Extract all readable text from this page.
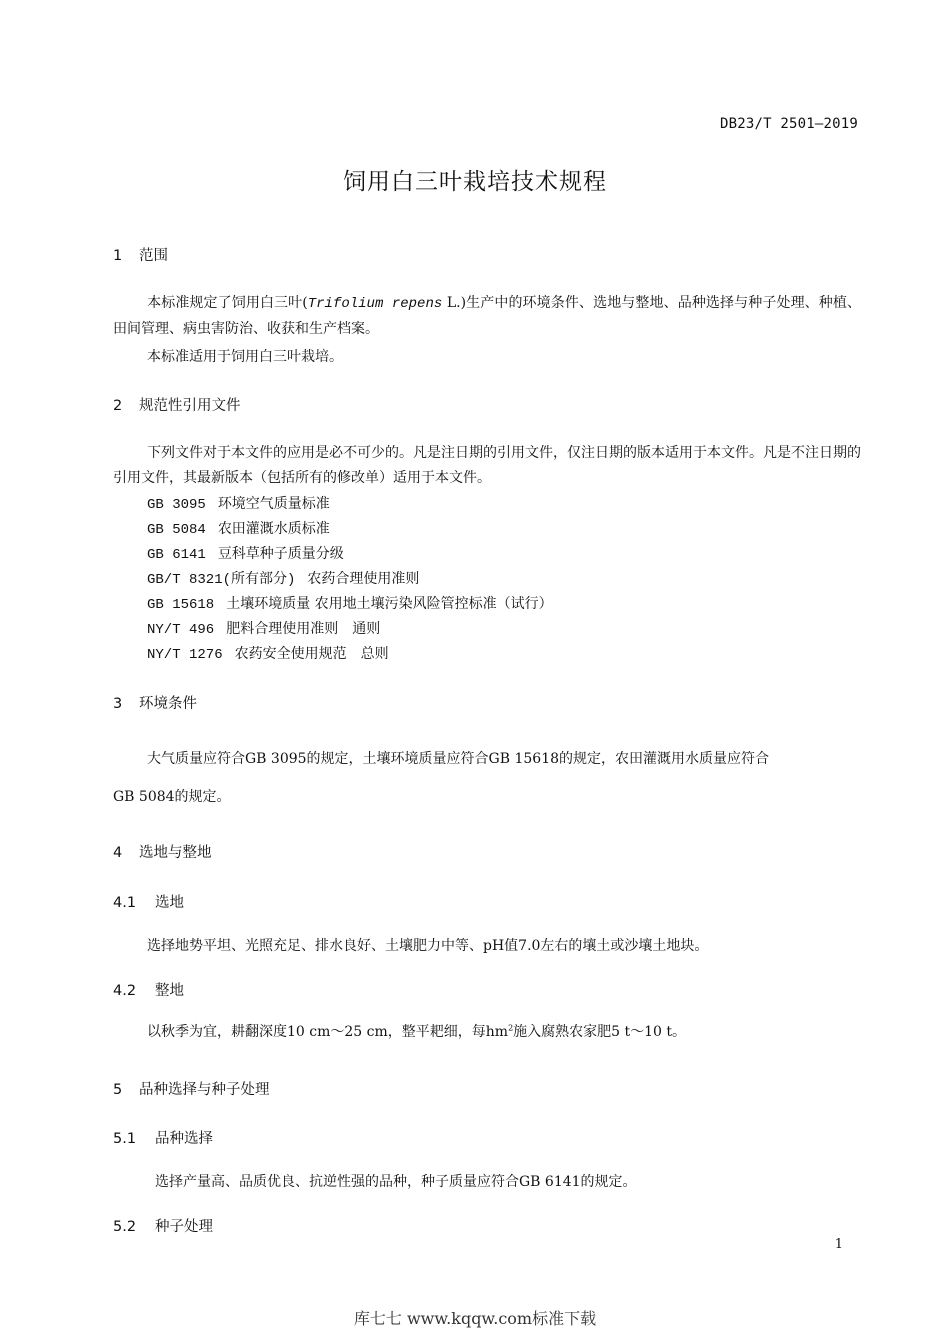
DB23/T 2501—2019
饲用白三叶栽培技术规程
1 范围
本标准规定了饲用白三叶(Trifolium repens L.)生产中的环境条件、选地与整地、品种选择与种子处理、种植、田间管理、病虫害防治、收获和生产档案。
本标准适用于饲用白三叶栽培。
2 规范性引用文件
下列文件对于本文件的应用是必不可少的。凡是注日期的引用文件，仅注日期的版本适用于本文件。凡是不注日期的引用文件，其最新版本（包括所有的修改单）适用于本文件。
GB 3095 环境空气质量标准
GB 5084 农田灌溉水质标准
GB 6141 豆科草种子质量分级
GB/T 8321(所有部分) 农药合理使用准则
GB 15618 土壤环境质量 农用地土壤污染风险管控标准（试行）
NY/T 496 肥料合理使用准则　通则
NY/T 1276 农药安全使用规范　总则
3 环境条件
大气质量应符合GB 3095的规定，土壤环境质量应符合GB 15618的规定，农田灌溉用水质量应符合
GB 5084的规定。
4 选地与整地
4.1 选地
选择地势平坦、光照充足、排水良好、土壤肥力中等、pH值7.0左右的壤土或沙壤土地块。
4.2 整地
以秋季为宜，耕翻深度10 cm～25 cm，整平耙细，每$hm^2$施入腐熟农家肥5 t～10 t。
5 品种选择与种子处理
5.1 品种选择
选择产量高、品质优良、抗逆性强的品种，种子质量应符合GB 6141的规定。
5.2 种子处理
1
库七七 www.kqqw.com标准下载
